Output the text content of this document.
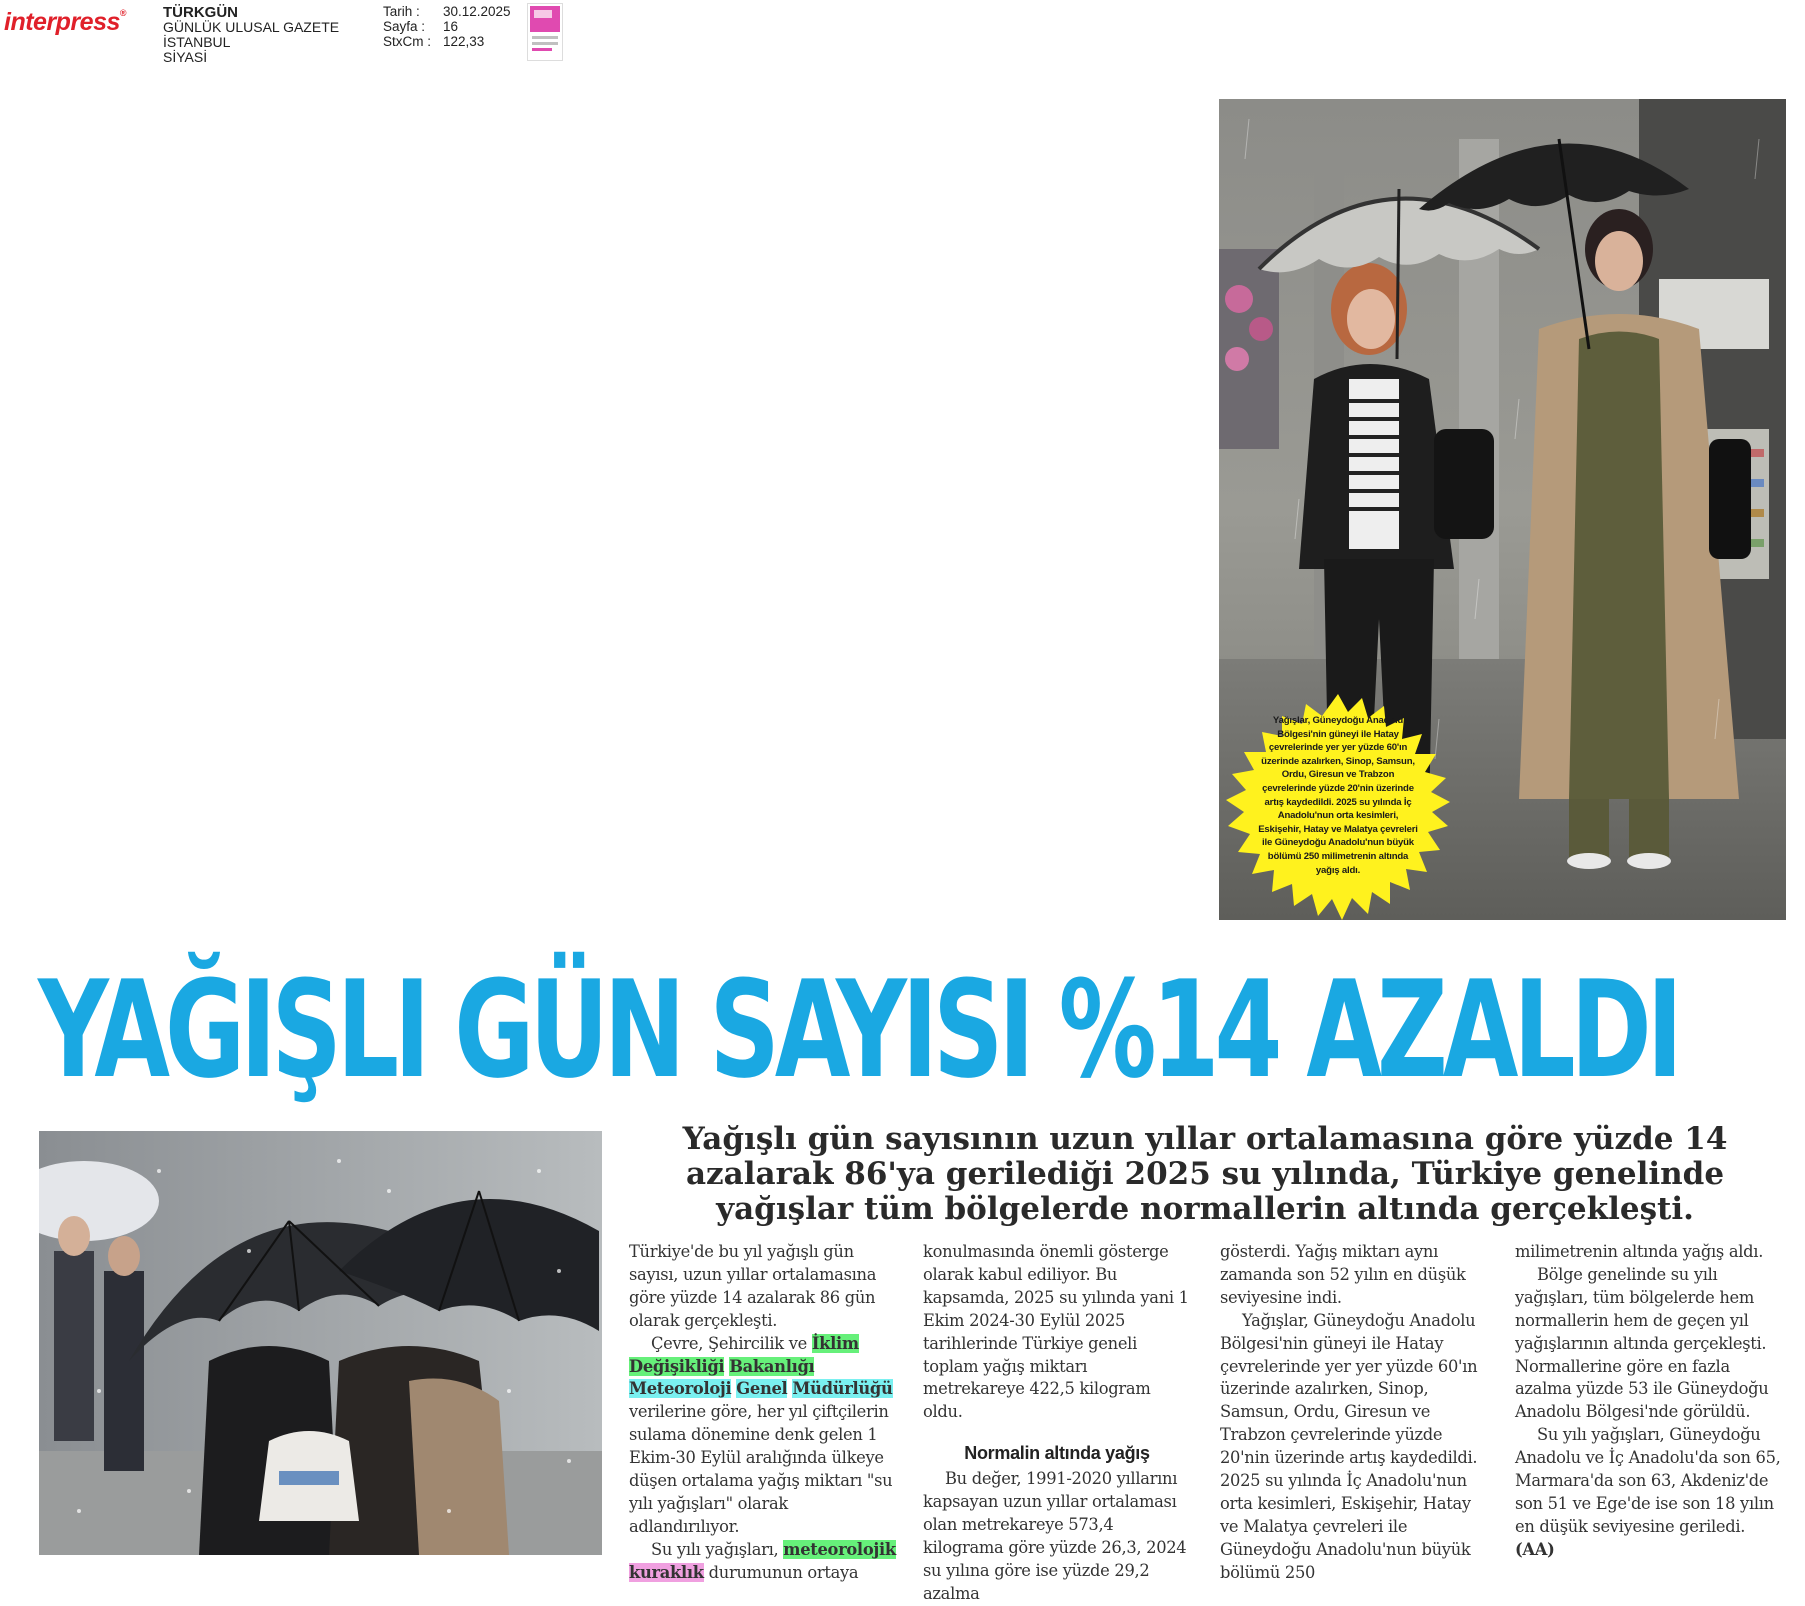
interpress® TÜRKGÜN
GÜNLÜK ULUSAL GAZETE
İSTANBUL
SİYASİ
Tarih : 30.12.2025
Sayfa : 16
StxCm : 122,33
Yağışlar, Güneydoğu Anadolu Bölgesi'nin güneyi ile Hatay çevrelerinde yer yer yüzde 60'ın üzerinde azalırken, Sinop, Samsun, Ordu, Giresun ve Trabzon çevrelerinde yüzde 20'nin üzerinde artış kaydedildi. 2025 su yılında İç Anadolu'nun orta kesimleri, Eskişehir, Hatay ve Malatya çevreleri ile Güneydoğu Anadolu'nun büyük bölümü 250 milimetrenin altında yağış aldı.
YAĞIŞLI GÜN SAYISI %14 AZALDI
Yağışlı gün sayısının uzun yıllar ortalamasına göre yüzde 14 azalarak 86'ya gerilediği 2025 su yılında, Türkiye genelinde yağışlar tüm bölgelerde normallerin altında gerçekleşti.

Türkiye'de bu yıl yağışlı gün sayısı, uzun yıllar ortalamasına göre yüzde 14 azalarak 86 gün olarak gerçekleşti.

Çevre, Şehircilik ve İklim Değişikliği Bakanlığı Meteoroloji Genel Müdürlüğü verilerine göre, her yıl çiftçilerin sulama dönemine denk gelen 1 Ekim-30 Eylül aralığında ülkeye düşen ortalama yağış miktarı "su yılı yağışları" olarak adlandırılıyor.

Su yılı yağışları, meteorolojik kuraklık durumunun ortaya

konulmasında önemli gösterge olarak kabul ediliyor. Bu kapsamda, 2025 su yılında yani 1 Ekim 2024-30 Eylül 2025 tarihlerinde Türkiye geneli toplam yağış miktarı metrekareye 422,5 kilogram oldu.

Normalin altında yağış

Bu değer, 1991-2020 yıllarını kapsayan uzun yıllar ortalaması olan metrekareye 573,4 kilograma göre yüzde 26,3, 2024 su yılına göre ise yüzde 29,2 azalma

gösterdi. Yağış miktarı aynı zamanda son 52 yılın en düşük seviyesine indi.

Yağışlar, Güneydoğu Anadolu Bölgesi'nin güneyi ile Hatay çevrelerinde yer yer yüzde 60'ın üzerinde azalırken, Sinop, Samsun, Ordu, Giresun ve Trabzon çevrelerinde yüzde 20'nin üzerinde artış kaydedildi. 2025 su yılında İç Anadolu'nun orta kesimleri, Eskişehir, Hatay ve Malatya çevreleri ile Güneydoğu Anadolu'nun büyük bölümü 250

milimetrenin altında yağış aldı.

Bölge genelinde su yılı yağışları, tüm bölgelerde hem normallerin hem de geçen yıl yağışlarının altında gerçekleşti. Normallerine göre en fazla azalma yüzde 53 ile Güneydoğu Anadolu Bölgesi'nde görüldü.

Su yılı yağışları, Güneydoğu Anadolu ve İç Anadolu'da son 65, Marmara'da son 63, Akdeniz'de son 51 ve Ege'de ise son 18 yılın en düşük seviyesine geriledi. (AA)
